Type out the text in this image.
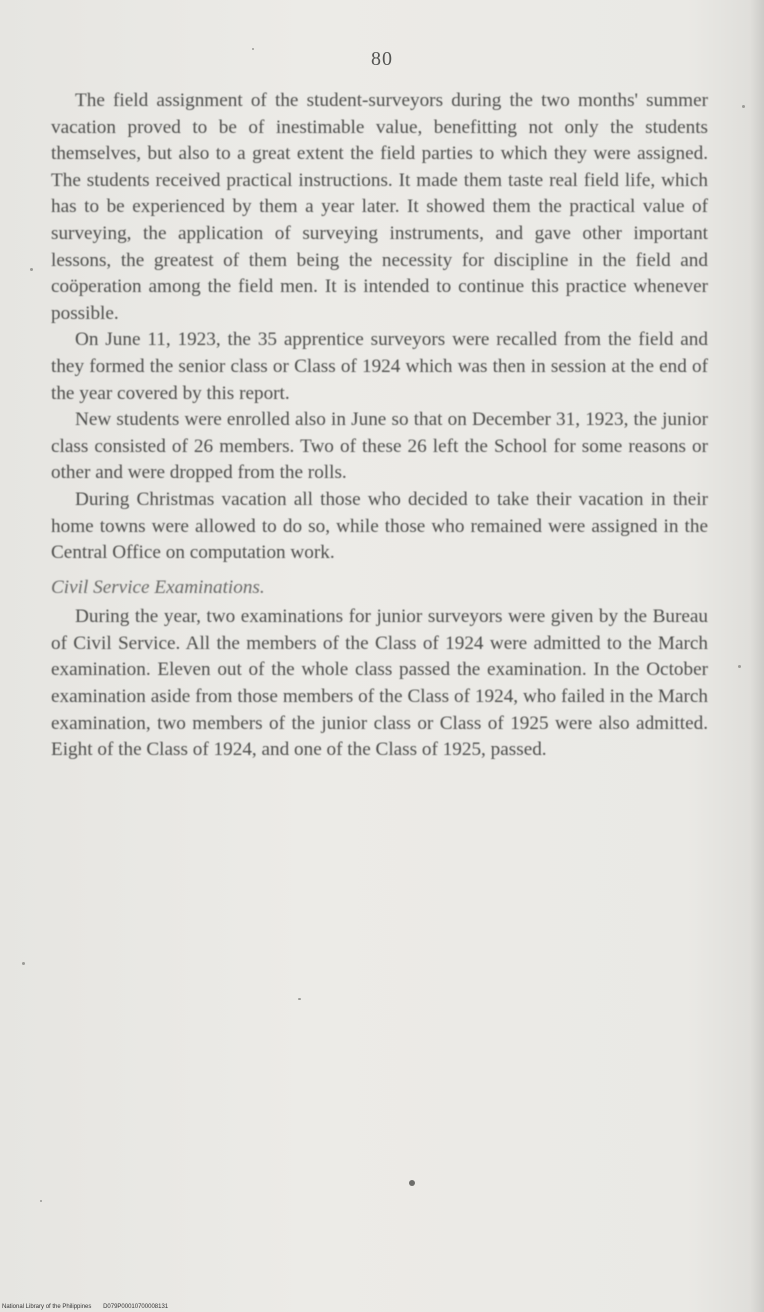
80

The field assignment of the student-surveyors during the two months' summer vacation proved to be of inestimable value, benefitting not only the students themselves, but also to a great extent the field parties to which they were assigned. The students received practical instructions. It made them taste real field life, which has to be experienced by them a year later. It showed them the practical value of surveying, the application of surveying instruments, and gave other important lessons, the greatest of them being the necessity for discipline in the field and coöperation among the field men. It is intended to continue this practice whenever possible.

On June 11, 1923, the 35 apprentice surveyors were recalled from the field and they formed the senior class or Class of 1924 which was then in session at the end of the year covered by this report.

New students were enrolled also in June so that on December 31, 1923, the junior class consisted of 26 members. Two of these 26 left the School for some reasons or other and were dropped from the rolls.

During Christmas vacation all those who decided to take their vacation in their home towns were allowed to do so, while those who remained were assigned in the Central Office on computation work.

Civil Service Examinations.

During the year, two examinations for junior surveyors were given by the Bureau of Civil Service. All the members of the Class of 1924 were admitted to the March examination. Eleven out of the whole class passed the examination. In the October examination aside from those members of the Class of 1924, who failed in the March examination, two members of the junior class or Class of 1925 were also admitted. Eight of the Class of 1924, and one of the Class of 1925, passed.

National Library of the Philippines D079P00010700008131
